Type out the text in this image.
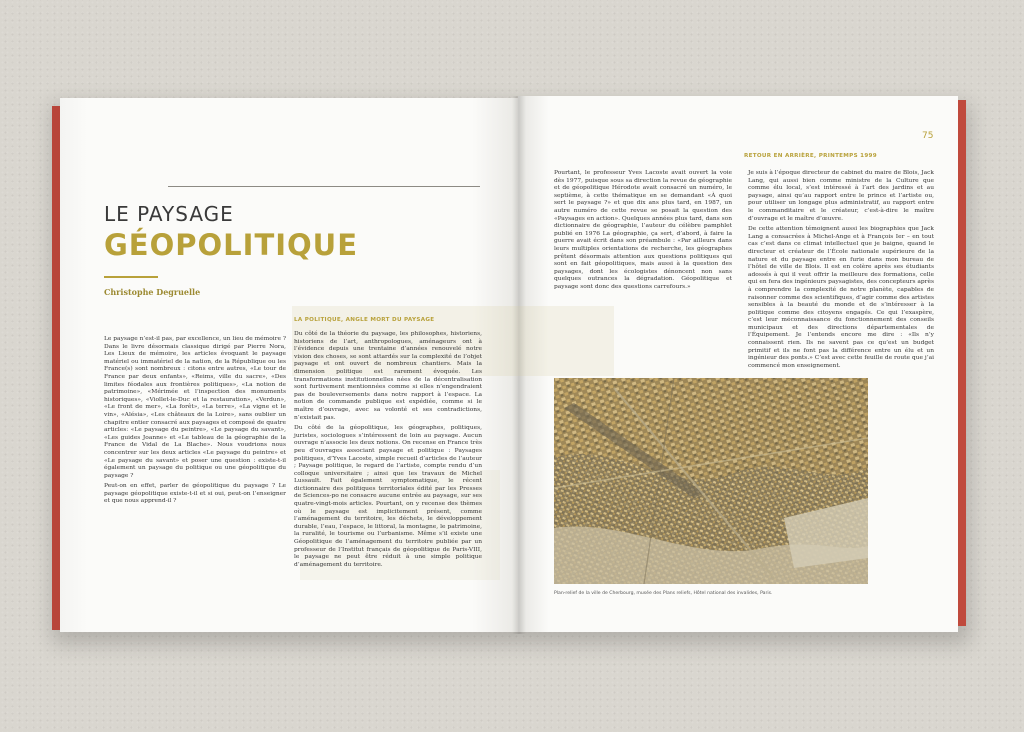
LE PAYSAGE
GÉOPOLITIQUE
Christophe Degruelle

Le paysage n’est-il pas, par excellence, un lieu de mémoire ? Dans le livre désormais classique dirigé par Pierre Nora, Les Lieux de mémoire, les articles évoquant le paysage matériel ou immatériel de la nation, de la République ou les France(s) sont nombreux : citons entre autres, «Le tour de France par deux enfants», «Reims, ville du sacre», «Des limites féodales aux frontières politiques», «La notion de patrimoine», «Mérimée et l’inspection des monuments historiques», «Viollet-le-Duc et la restauration», «Verdun», «Le front de mer», «La forêt», «La terre», «La vigne et le vin», «Alésia», «Les châteaux de la Loire», sans oublier un chapitre entier consacré aux paysages et composé de quatre articles: «Le paysage du peintre», «Le paysage du savant», «Les guides Joanne» et «Le tableau de la géographie de la France de Vidal de La Blache». Nous voudrions nous concentrer sur les deux articles «Le paysage du peintre» et «Le paysage du savant» et poser une question : existe-t-il également un paysage du politique ou une géopolitique du paysage ?

Peut-on en effet, parler de géopolitique du paysage ? Le paysage géopolitique existe-t-il et si oui, peut-on l’enseigner et que nous apprend-il ?

LA POLITIQUE, ANGLE MORT DU PAYSAGE

Du côté de la théorie du paysage, les philosophes, historiens, historiens de l’art, anthropologues, aménageurs ont à l’évidence depuis une trentaine d’années renouvelé notre vision des choses, se sont attardés sur la complexité de l’objet paysage et ont ouvert de nombreux chantiers. Mais la dimension politique est rarement évoquée. Les transformations institutionnelles nées de la décentralisation sont furtivement mentionnées comme si elles n’engendraient pas de bouleversements dans notre rapport à l’espace. La notion de commande publique est expédiée, comme si le maître d’ouvrage, avec sa volonté et ses contradictions, n’existait pas.

Du côté de la géopolitique, les géographes, politiques, juristes, sociologues s’intéressent de loin au paysage. Aucun ouvrage n’associe les deux notions. On recense en France très peu d’ouvrages associant paysage et politique : Paysages politiques, d’Yves Lacoste, simple recueil d’articles de l’auteur ; Paysage politique, le regard de l’artiste, compte rendu d’un colloque universitaire ; ainsi que les travaux de Michel Lussault. Fait également symptomatique, le récent dictionnaire des politiques territoriales édité par les Presses de Sciences-po ne consacre aucune entrée au paysage, sur ses quatre-vingt-mois articles. Pourtant, on y recense des thèmes où le paysage est implicitement présent, comme l’aménagement du territoire, les déchets, le développement durable, l’eau, l’espace, le littoral, la montagne, le patrimoine, la ruralité, le tourisme ou l’urbanisme. Même s’il existe une Géopolitique de l’aménagement du territoire publiée par un professeur de l’Institut français de géopolitique de Paris-VIII, le paysage ne peut être réduit à une simple politique d’aménagement du territoire.

75
RETOUR EN ARRIÈRE, PRINTEMPS 1999

Pourtant, le professeur Yves Lacoste avait ouvert la voie dès 1977, puisque sous sa direction la revue de géographie et de géopolitique Hérodote avait consacré un numéro, le septième, à cette thématique en se demandant «À quoi sert le paysage ?» et que dix ans plus tard, en 1987, un autre numéro de cette revue se posait la question des «Paysages en action». Quelques années plus tard, dans son dictionnaire de géographie, l’auteur du célèbre pamphlet publié en 1976 La géographie, ça sert, d’abord, à faire la guerre avait écrit dans son préambule : «Par ailleurs dans leurs multiples orientations de recherche, les géographes prêtent désormais attention aux questions politiques qui sont en fait géopolitiques, mais aussi à la question des paysages, dont les écologistes dénoncent non sans quelques outrances la dégradation. Géopolitique et paysage sont donc des questions carrefours.»

Je suis à l’époque directeur de cabinet du maire de Blois, Jack Lang, qui aussi bien comme ministre de la Culture que comme élu local, s’est intéressé à l’art des jardins et au paysage, ainsi qu’au rapport entre le prince et l’artiste ou, pour utiliser un longage plus administratif, au rapport entre le commanditaire et le créateur, c’est-à-dire le maître d’ouvrage et le maître d’œuvre.

De cette attention témoignent aussi les biographies que Jack Lang a consacrées à Michel-Ange et à François Ier – en tout cas c’est dans ce climat intellectuel que je baigne, quand le directeur et créateur de l’École nationale supérieure de la nature et du paysage entre en furie dans mon bureau de l’hôtel de ville de Blois. Il est en colère après ses étudiants adossés à qui il veut offrir la meilleure des formations, celle qui en fera des ingénieurs paysagistes, des concepteurs après à comprendre la complexité de notre planète, capables de raisonner comme des scientifiques, d’agir comme des artistes sensibles à la beauté du monde et de s’intéresser à la politique comme des citoyens engagés. Ce qui l’exaspère, c’est leur méconnaissance du fonctionnement des conseils municipaux et des directions départementales de l’Équipement. Je l’entends encore me dire : «Ils n’y connaissent rien. Ils ne savent pas ce qu’est un budget primitif et ils ne font pas la différence entre un élu et un ingénieur des ponts.» C’est avec cette feuille de route que j’ai commencé mon enseignement.

Plan-relief de la ville de Cherbourg, musée des Plans reliefs, Hôtel national des invalides, Paris.
